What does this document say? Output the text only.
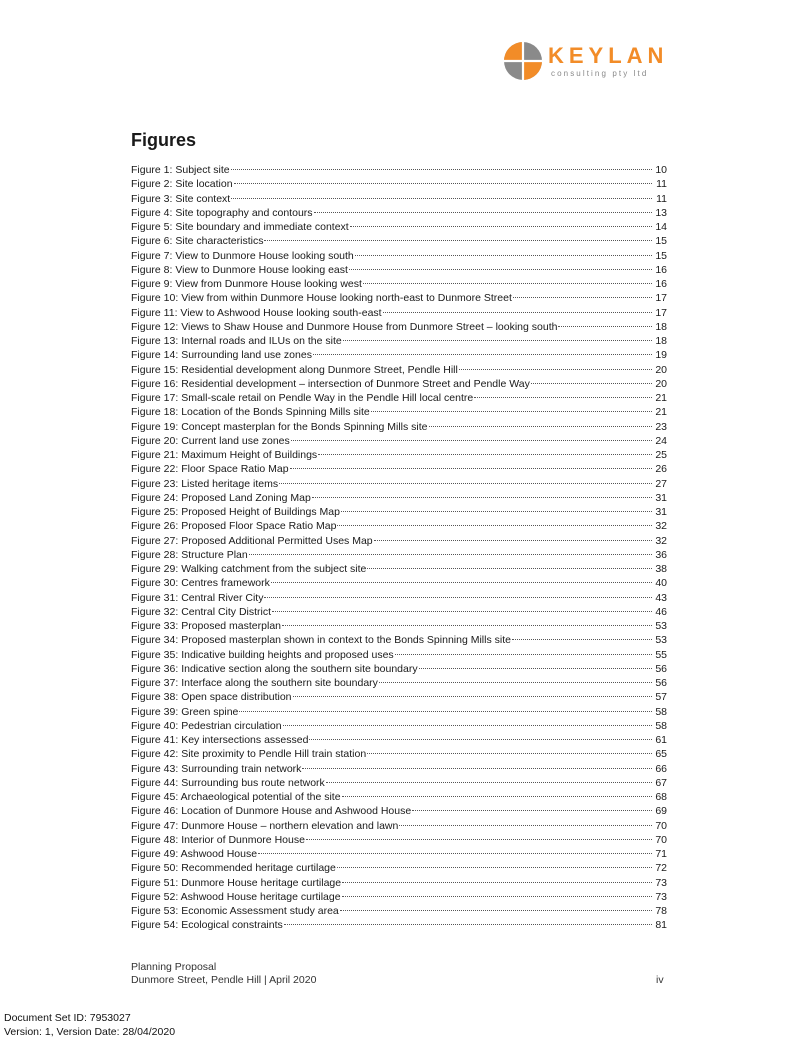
KEYLAN
consulting pty ltd
Figures
Figure 1: Subject site	10
Figure 2: Site location	11
Figure 3: Site context	11
Figure 4: Site topography and contours	13
Figure 5: Site boundary and immediate context	14
Figure 6: Site characteristics	15
Figure 7: View to Dunmore House looking south	15
Figure 8: View to Dunmore House looking east	16
Figure 9: View from Dunmore House looking west	16
Figure 10: View from within Dunmore House looking north-east to Dunmore Street	17
Figure 11: View to Ashwood House looking south-east	17
Figure 12: Views to Shaw House and Dunmore House from Dunmore Street – looking south	18
Figure 13: Internal roads and ILUs on the site	18
Figure 14: Surrounding land use zones	19
Figure 15: Residential development along Dunmore Street, Pendle Hill	20
Figure 16: Residential development – intersection of Dunmore Street and Pendle Way	20
Figure 17: Small-scale retail on Pendle Way in the Pendle Hill local centre	21
Figure 18: Location of the Bonds Spinning Mills site	21
Figure 19: Concept masterplan for the Bonds Spinning Mills site	23
Figure 20: Current land use zones	24
Figure 21: Maximum Height of Buildings	25
Figure 22: Floor Space Ratio Map	26
Figure 23: Listed heritage items	27
Figure 24: Proposed Land Zoning Map	31
Figure 25: Proposed Height of Buildings Map	31
Figure 26: Proposed Floor Space Ratio Map	32
Figure 27: Proposed Additional Permitted Uses Map	32
Figure 28: Structure Plan	36
Figure 29: Walking catchment from the subject site	38
Figure 30: Centres framework	40
Figure 31: Central River City	43
Figure 32: Central City District	46
Figure 33: Proposed masterplan	53
Figure 34: Proposed masterplan shown in context to the Bonds Spinning Mills site	53
Figure 35: Indicative building heights and proposed uses	55
Figure 36: Indicative section along the southern site boundary	56
Figure 37: Interface along the southern site boundary	56
Figure 38: Open space distribution	57
Figure 39: Green spine	58
Figure 40: Pedestrian circulation	58
Figure 41: Key intersections assessed	61
Figure 42: Site proximity to Pendle Hill train station	65
Figure 43: Surrounding train network	66
Figure 44: Surrounding bus route network	67
Figure 45: Archaeological potential of the site	68
Figure 46: Location of Dunmore House and Ashwood House	69
Figure 47: Dunmore House – northern elevation and lawn	70
Figure 48: Interior of Dunmore House	70
Figure 49: Ashwood House	71
Figure 50: Recommended heritage curtilage	72
Figure 51: Dunmore House heritage curtilage	73
Figure 52: Ashwood House heritage curtilage	73
Figure 53: Economic Assessment study area	78
Figure 54: Ecological constraints	81
Planning Proposal
Dunmore Street, Pendle Hill | April 2020	iv
Document Set ID: 7953027
Version: 1, Version Date: 28/04/2020
